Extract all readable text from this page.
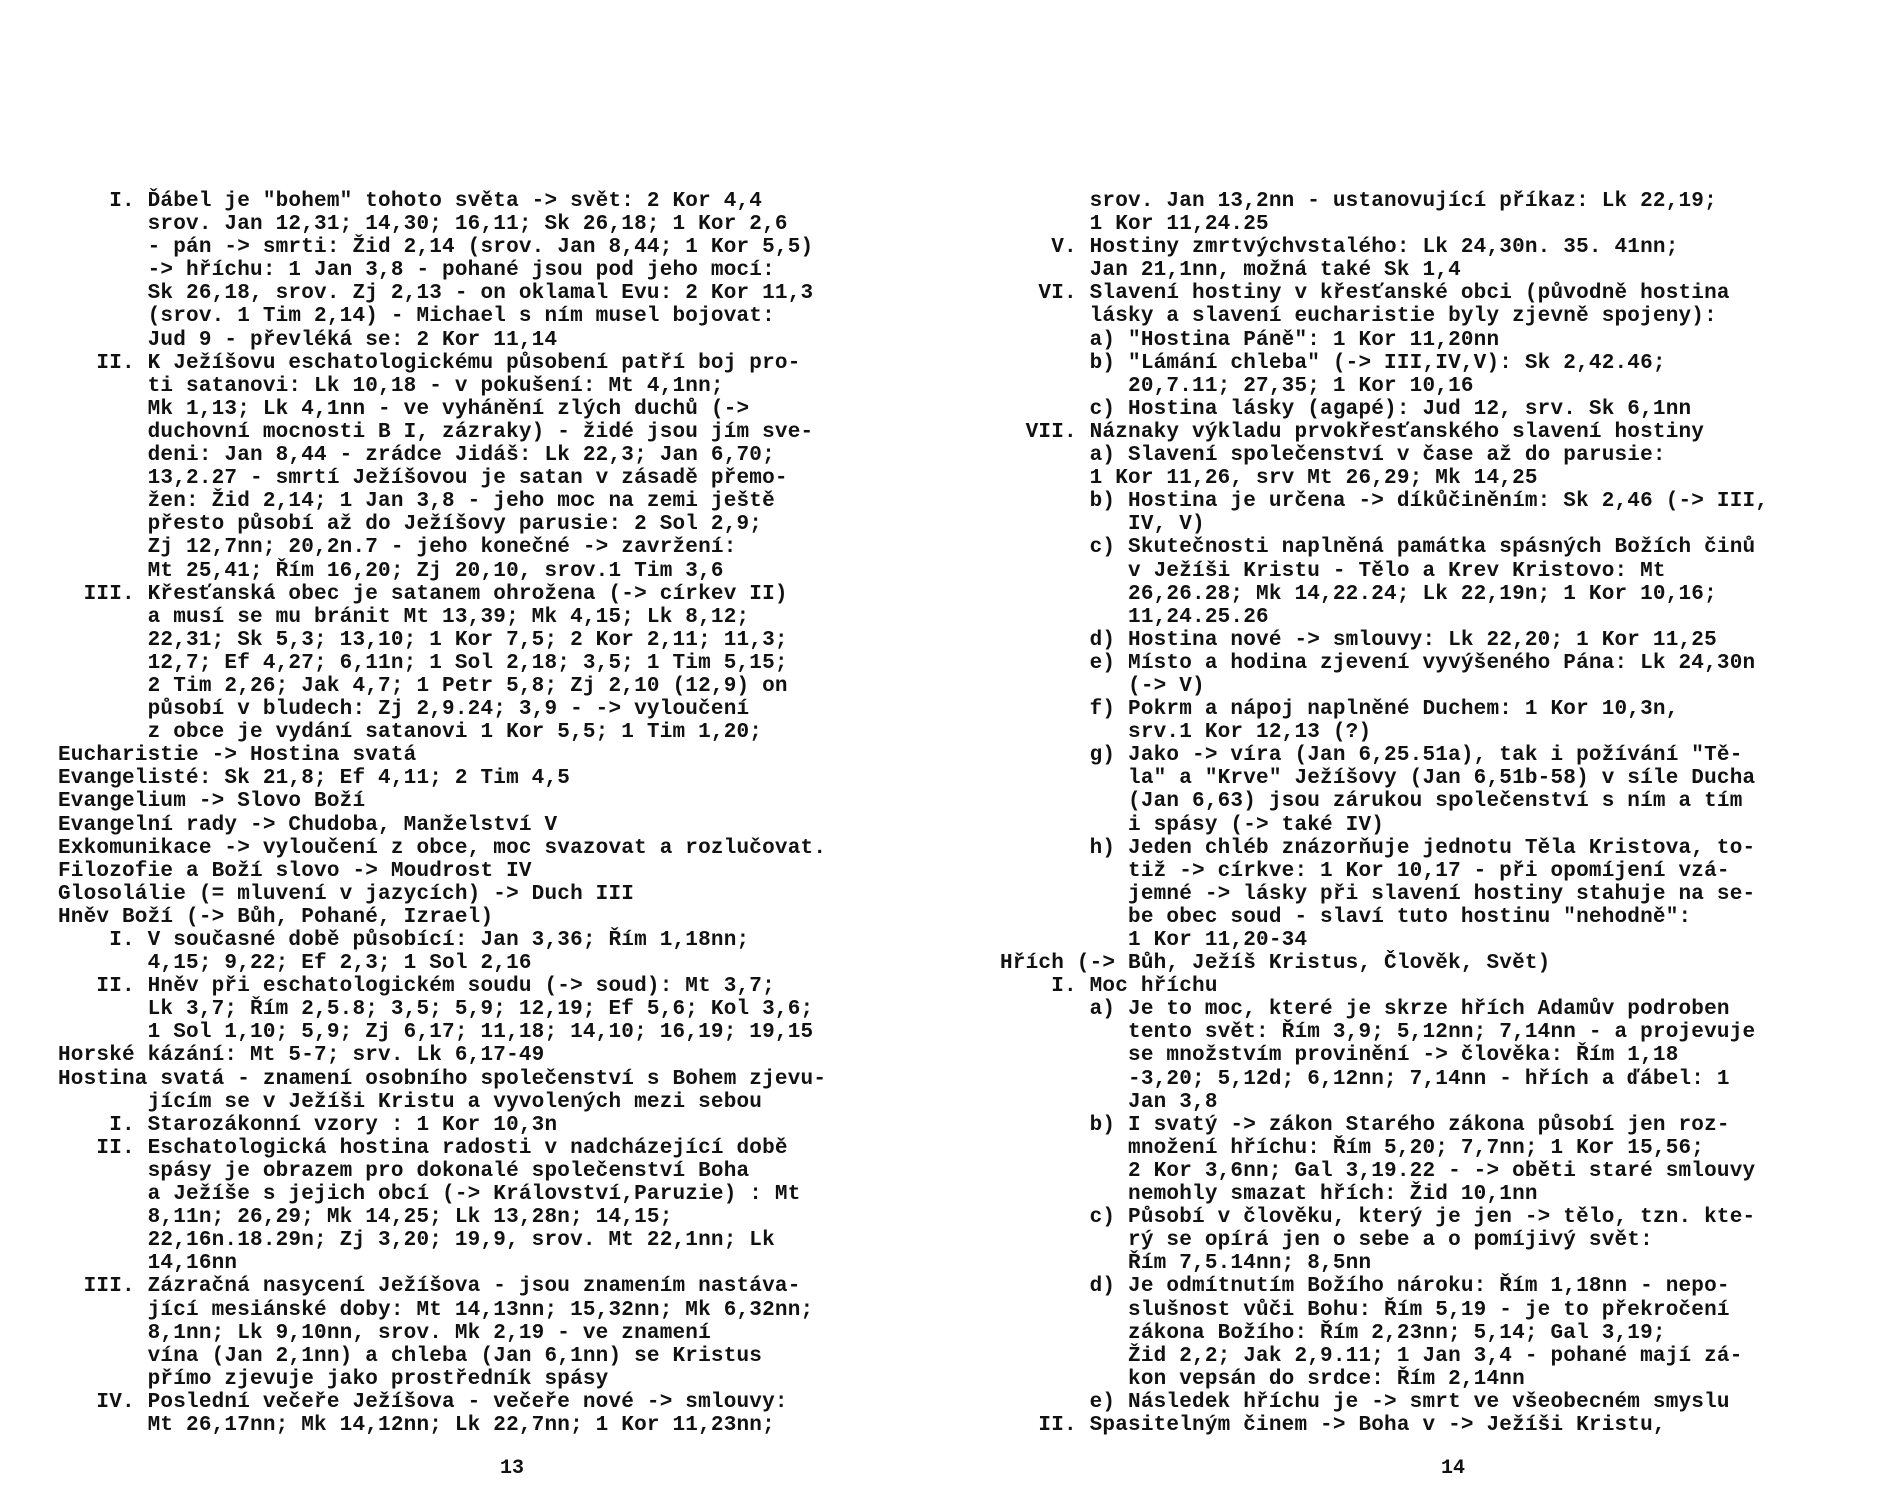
I. Ďábel je "bohem" tohoto světa -> svět: 2 Kor 4,4
srov. Jan 12,31; 14,30; 16,11; Sk 26,18; 1 Kor 2,6
- pán -> smrti: Žid 2,14 (srov. Jan 8,44; 1 Kor 5,5)
-> hříchu: 1 Jan 3,8 - pohané jsou pod jeho mocí:
Sk 26,18, srov. Zj 2,13 - on oklamal Evu: 2 Kor 11,3
(srov. 1 Tim 2,14) - Michael s ním musel bojovat:
Jud 9 - převléká se: 2 Kor 11,14
II. K Ježíšovu eschatologickému působení patří boj pro-
ti satanovi: Lk 10,18 - v pokušení: Mt 4,1nn;
Mk 1,13; Lk 4,1nn - ve vyhánění zlých duchů (->
duchovní mocnosti B I, zázraky) - židé jsou jím sve-
deni: Jan 8,44 - zrádce Jidáš: Lk 22,3; Jan 6,70;
13,2.27 - smrtí Ježíšovou je satan v zásadě přemo-
žen: Žid 2,14; 1 Jan 3,8 - jeho moc na zemi ještě
přesto působí až do Ježíšovy parusie: 2 Sol 2,9;
Zj 12,7nn; 20,2n.7 - jeho konečné -> zavržení:
Mt 25,41; Řím 16,20; Zj 20,10, srov.1 Tim 3,6
III. Křesťanská obec je satanem ohrožena (-> církev II)
a musí se mu bránit Mt 13,39; Mk 4,15; Lk 8,12;
22,31; Sk 5,3; 13,10; 1 Kor 7,5; 2 Kor 2,11; 11,3;
12,7; Ef 4,27; 6,11n; 1 Sol 2,18; 3,5; 1 Tim 5,15;
2 Tim 2,26; Jak 4,7; 1 Petr 5,8; Zj 2,10 (12,9) on
působí v bludech: Zj 2,9.24; 3,9 - -> vyloučení
z obce je vydání satanovi 1 Kor 5,5; 1 Tim 1,20;
Eucharistie -> Hostina svatá
Evangelisté: Sk 21,8; Ef 4,11; 2 Tim 4,5
Evangelium -> Slovo Boží
Evangelní rady -> Chudoba, Manželství V
Exkomunikace -> vyloučení z obce, moc svazovat a rozlučovat.
Filozofie a Boží slovo -> Moudrost IV
Glosolálie (= mluvení v jazycích) -> Duch III
Hněv Boží (-> Bůh, Pohané, Izrael)
I. V současné době působící: Jan 3,36; Řím 1,18nn;
4,15; 9,22; Ef 2,3; 1 Sol 2,16
II. Hněv při eschatologickém soudu (-> soud): Mt 3,7;
Lk 3,7; Řím 2,5.8; 3,5; 5,9; 12,19; Ef 5,6; Kol 3,6;
1 Sol 1,10; 5,9; Zj 6,17; 11,18; 14,10; 16,19; 19,15
Horské kázání: Mt 5-7; srv. Lk 6,17-49
Hostina svatá - znamení osobního společenství s Bohem zjevu-
jícím se v Ježíši Kristu a vyvolených mezi sebou
I. Starozákonní vzory : 1 Kor 10,3n
II. Eschatologická hostina radosti v nadcházející době
spásy je obrazem pro dokonalé společenství Boha
a Ježíše s jejich obcí (-> Království,Paruzie) : Mt
8,11n; 26,29; Mk 14,25; Lk 13,28n; 14,15;
22,16n.18.29n; Zj 3,20; 19,9, srov. Mt 22,1nn; Lk
14,16nn
III. Zázračná nasycení Ježíšova - jsou znamením nastáva-
jící mesiánské doby: Mt 14,13nn; 15,32nn; Mk 6,32nn;
8,1nn; Lk 9,10nn, srov. Mk 2,19 - ve znamení
vína (Jan 2,1nn) a chleba (Jan 6,1nn) se Kristus
přímo zjevuje jako prostředník spásy
IV. Poslední večeře Ježíšova - večeře nové -> smlouvy:
Mt 26,17nn; Mk 14,12nn; Lk 22,7nn; 1 Kor 11,23nn;
srov. Jan 13,2nn - ustanovující příkaz: Lk 22,19;
1 Kor 11,24.25
V. Hostiny zmrtvýchvstalého: Lk 24,30n. 35. 41nn;
Jan 21,1nn, možná také Sk 1,4
VI. Slavení hostiny v křesťanské obci (původně hostina
lásky a slavení eucharistie byly zjevně spojeny):
a) "Hostina Páně": 1 Kor 11,20nn
b) "Lámání chleba" (-> III,IV,V): Sk 2,42.46;
20,7.11; 27,35; 1 Kor 10,16
c) Hostina lásky (agapé): Jud 12, srv. Sk 6,1nn
VII. Náznaky výkladu prvokřesťanského slavení hostiny
a) Slavení společenství v čase až do parusie:
1 Kor 11,26, srv Mt 26,29; Mk 14,25
b) Hostina je určena -> díkůčiněním: Sk 2,46 (-> III,
IV, V)
c) Skutečnosti naplněná památka spásných Božích činů
v Ježíši Kristu - Tělo a Krev Kristovo: Mt
26,26.28; Mk 14,22.24; Lk 22,19n; 1 Kor 10,16;
11,24.25.26
d) Hostina nové -> smlouvy: Lk 22,20; 1 Kor 11,25
e) Místo a hodina zjevení vyvýšeného Pána: Lk 24,30n
(-> V)
f) Pokrm a nápoj naplněné Duchem: 1 Kor 10,3n,
srv.1 Kor 12,13 (?)
g) Jako -> víra (Jan 6,25.51a), tak i požívání "Tě-
la" a "Krve" Ježíšovy (Jan 6,51b-58) v síle Ducha
(Jan 6,63) jsou zárukou společenství s ním a tím
i spásy (-> také IV)
h) Jeden chléb znázorňuje jednotu Těla Kristova, to-
tiž -> církve: 1 Kor 10,17 - při opomíjení vzá-
jemné -> lásky při slavení hostiny stahuje na se-
be obec soud - slaví tuto hostinu "nehodně":
1 Kor 11,20-34
Hřích (-> Bůh, Ježíš Kristus, Člověk, Svět)
I. Moc hříchu
a) Je to moc, které je skrze hřích Adamův podroben
tento svět: Řím 3,9; 5,12nn; 7,14nn - a projevuje
se množstvím provinění -> člověka: Řím 1,18
-3,20; 5,12d; 6,12nn; 7,14nn - hřích a ďábel: 1
Jan 3,8
b) I svatý -> zákon Starého zákona působí jen roz-
množení hříchu: Řím 5,20; 7,7nn; 1 Kor 15,56;
2 Kor 3,6nn; Gal 3,19.22 - -> oběti staré smlouvy
nemohly smazat hřích: Žid 10,1nn
c) Působí v člověku, který je jen -> tělo, tzn. kte-
rý se opírá jen o sebe a o pomíjivý svět:
Řím 7,5.14nn; 8,5nn
d) Je odmítnutím Božího nároku: Řím 1,18nn - nepo-
slušnost vůči Bohu: Řím 5,19 - je to překročení
zákona Božího: Řím 2,23nn; 5,14; Gal 3,19;
Žid 2,2; Jak 2,9.11; 1 Jan 3,4 - pohané mají zá-
kon vepsán do srdce: Řím 2,14nn
e) Následek hříchu je -> smrt ve všeobecném smyslu
II. Spasitelným činem -> Boha v -> Ježíši Kristu,
13	14
